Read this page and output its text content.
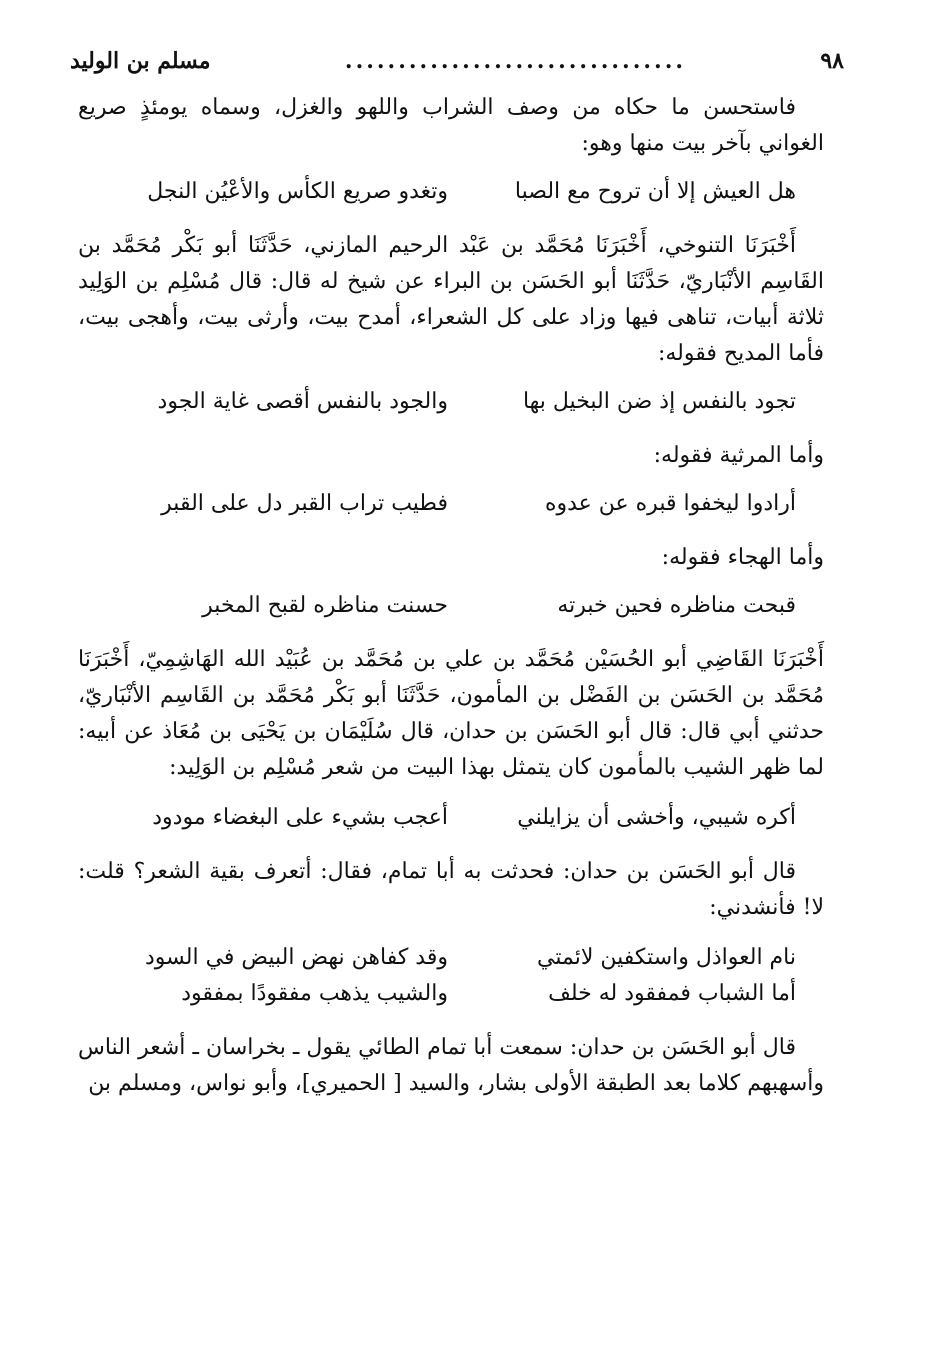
٩٨
................................
مسلم بن الوليد

فاستحسن ما حكاه من وصف الشراب واللهو والغزل، وسماه يومئذٍ صريع الغواني بآخر بيت منها وهو:

هل العيش إلا أن تروح مع الصبا
وتغدو صريع الكأس والأعْيُن النجل

أَخْبَرَنَا التنوخي، أَخْبَرَنَا مُحَمَّد بن عَبْد الرحيم المازني، حَدَّثَنَا أبو بَكْر مُحَمَّد بن القَاسِم الأنْبَاريّ، حَدَّثَنَا أبو الحَسَن بن البراء عن شيخ له قال: قال مُسْلِم بن الوَلِيد ثلاثة أبيات، تناهى فيها وزاد على كل الشعراء، أمدح بيت، وأرثى بيت، وأهجى بيت، فأما المديح فقوله:

تجود بالنفس إذ ضن البخيل بها
والجود بالنفس أقصى غاية الجود

وأما المرثية فقوله:

أرادوا ليخفوا قبره عن عدوه
فطيب تراب القبر دل على القبر

وأما الهجاء فقوله:

قبحت مناظره فحين خبرته
حسنت مناظره لقبح المخبر

أَخْبَرَنَا القَاضِي أبو الحُسَيْن مُحَمَّد بن علي بن مُحَمَّد بن عُبَيْد الله الهَاشِمِيّ، أَخْبَرَنَا مُحَمَّد بن الحَسَن بن الفَضْل بن المأمون، حَدَّثَنَا أبو بَكْر مُحَمَّد بن القَاسِم الأنْبَاريّ، حدثني أبي قال: قال أبو الحَسَن بن حدان، قال سُلَيْمَان بن يَحْيَى بن مُعَاذ عن أبيه: لما ظهر الشيب بالمأمون كان يتمثل بهذا البيت من شعر مُسْلِم بن الوَلِيد:

أكره شيبي، وأخشى أن يزايلني
أعجب بشيء على البغضاء مودود

قال أبو الحَسَن بن حدان: فحدثت به أبا تمام، فقال: أتعرف بقية الشعر؟ قلت: لا! فأنشدني:

نام العواذل واستكفين لائمتي
وقد كفاهن نهض البيض في السود
أما الشباب فمفقود له خلف
والشيب يذهب مفقودًا بمفقود

قال أبو الحَسَن بن حدان: سمعت أبا تمام الطائي يقول ـ بخراسان ـ أشعر الناس وأسهبهم كلاما بعد الطبقة الأولى بشار، والسيد [ الحميري]، وأبو نواس، ومسلم بن
